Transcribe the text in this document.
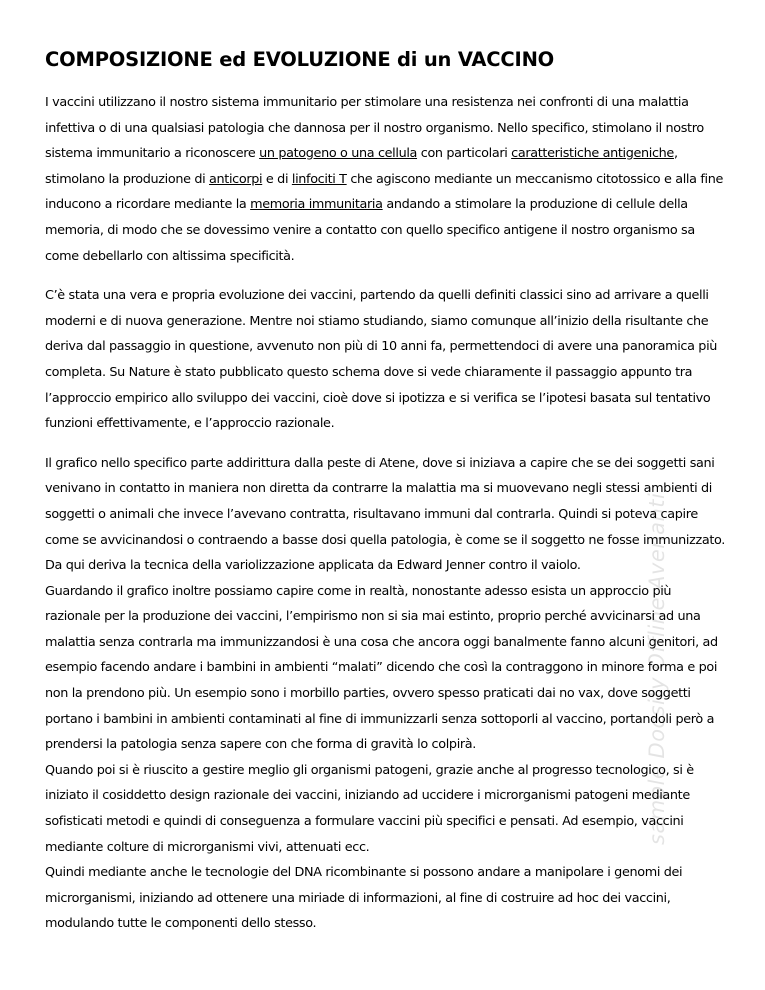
COMPOSIZIONE ed EVOLUZIONE di un VACCINO

I vaccini utilizzano il nostro sistema immunitario per stimolare una resistenza nei confronti di una malattia infettiva o di una qualsiasi patologia che dannosa per il nostro organismo. Nello specifico, stimolano il nostro sistema immunitario a riconoscere un patogeno o una cellula con particolari caratteristiche antigeniche, stimolano la produzione di anticorpi e di linfociti T che agiscono mediante un meccanismo citotossico e alla fine inducono a ricordare mediante la memoria immunitaria andando a stimolare la produzione di cellule della memoria, di modo che se dovessimo venire a contatto con quello specifico antigene il nostro organismo sa come debellarlo con altissima specificità.

C’è stata una vera e propria evoluzione dei vaccini, partendo da quelli definiti classici sino ad arrivare a quelli moderni e di nuova generazione. Mentre noi stiamo studiando, siamo comunque all’inizio della risultante che deriva dal passaggio in questione, avvenuto non più di 10 anni fa, permettendoci di avere una panoramica più completa. Su Nature è stato pubblicato questo schema dove si vede chiaramente il passaggio appunto tra l’approccio empirico allo sviluppo dei vaccini, cioè dove si ipotizza e si verifica se l’ipotesi basata sul tentativo funzioni effettivamente, e l’approccio razionale.

Il grafico nello specifico parte addirittura dalla peste di Atene, dove si iniziava a capire che se dei soggetti sani venivano in contatto in maniera non diretta da contrarre la malattia ma si muovevano negli stessi ambienti di soggetti o animali che invece l’avevano contratta, risultavano immuni dal contrarla. Quindi si poteva capire come se avvicinandosi o contraendo a basse dosi quella patologia, è come se il soggetto ne fosse immunizzato. Da qui deriva la tecnica della variolizzazione applicata da Edward Jenner contro il vaiolo.

Guardando il grafico inoltre possiamo capire come in realtà, nonostante adesso esista un approccio più razionale per la produzione dei vaccini, l’empirismo non si sia mai estinto, proprio perché avvicinarsi ad una malattia senza contrarla ma immunizzandosi è una cosa che ancora oggi banalmente fanno alcuni genitori, ad esempio facendo andare i bambini in ambienti “malati” dicendo che così la contraggono in minore forma e poi non la prendono più. Un esempio sono i morbillo parties, ovvero spesso praticati dai no vax, dove soggetti portano i bambini in ambienti contaminati al fine di immunizzarli senza sottoporli al vaccino, portandoli però a prendersi la patologia senza sapere con che forma di gravità lo colpirà.

Quando poi si è riuscito a gestire meglio gli organismi patogeni, grazie anche al progresso tecnologico, si è iniziato il cosiddetto design razionale dei vaccini, iniziando ad uccidere i microrganismi patogeni mediante sofisticati metodi e quindi di conseguenza a formulare vaccini più specifici e pensati. Ad esempio, vaccini mediante colture di microrganismi vivi, attenuati ecc.

Quindi mediante anche le tecnologie del DNA ricombinante si possono andare a manipolare i genomi dei microrganismi, iniziando ad ottenere una miriade di informazioni, al fine di costruire ad hoc dei vaccini, modulando tutte le componenti dello stesso.

sample Docsity Offline Avenanti
